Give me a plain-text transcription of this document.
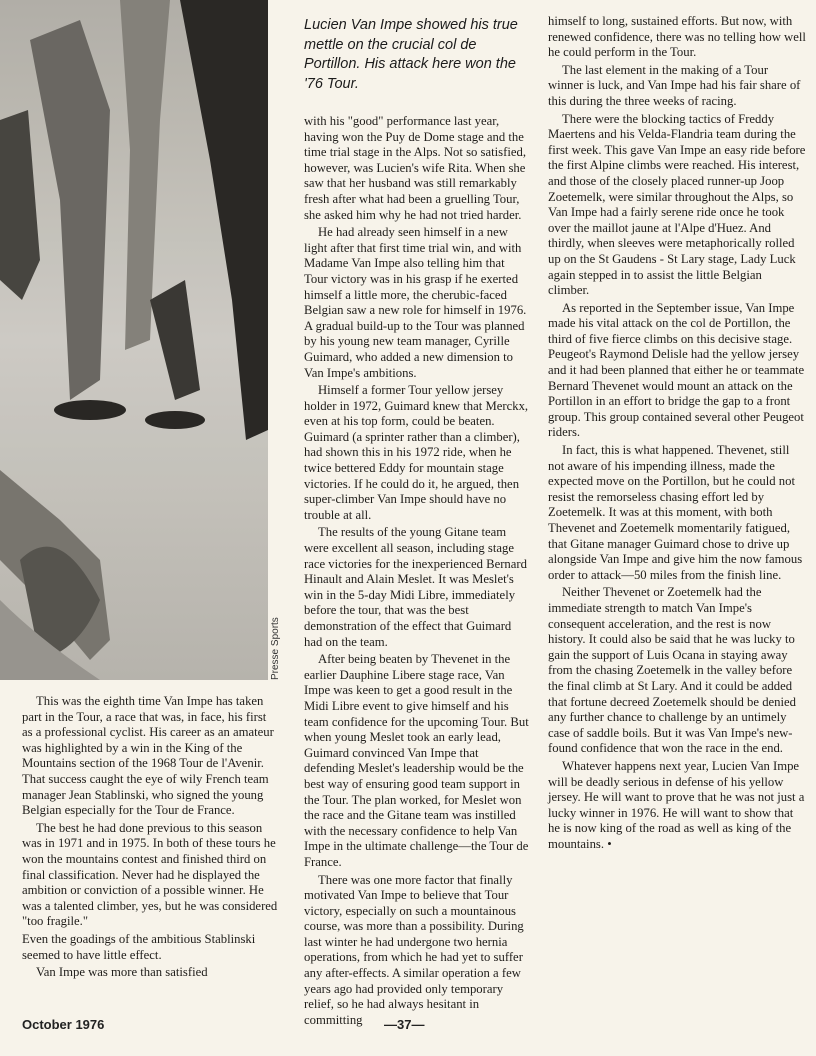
Presse Sports
Lucien Van Impe showed his true mettle on the crucial col de Portillon. His attack here won the '76 Tour.

This was the eighth time Van Impe has taken part in the Tour, a race that was, in face, his first as a professional cyclist. His career as an amateur was highlighted by a win in the King of the Mountains section of the 1968 Tour de l'Avenir. That success caught the eye of wily French team manager Jean Stablinski, who signed the young Belgian especially for the Tour de France.

The best he had done previous to this season was in 1971 and in 1975. In both of these tours he won the mountains contest and finished third on final classification. Never had he displayed the ambition or conviction of a possible winner. He was a talented climber, yes, but he was considered "too fragile."

Even the goadings of the ambitious Stablinski seemed to have little effect.

Van Impe was more than satisfied

with his "good" performance last year, having won the Puy de Dome stage and the time trial stage in the Alps. Not so satisfied, however, was Lucien's wife Rita. When she saw that her husband was still remarkably fresh after what had been a gruelling Tour, she asked him why he had not tried harder.

He had already seen himself in a new light after that first time trial win, and with Madame Van Impe also telling him that Tour victory was in his grasp if he exerted himself a little more, the cherubic-faced Belgian saw a new role for himself in 1976. A gradual build-up to the Tour was planned by his young new team manager, Cyrille Guimard, who added a new dimension to Van Impe's ambitions.

Himself a former Tour yellow jersey holder in 1972, Guimard knew that Merckx, even at his top form, could be beaten. Guimard (a sprinter rather than a climber), had shown this in his 1972 ride, when he twice bettered Eddy for mountain stage victories. If he could do it, he argued, then super-climber Van Impe should have no trouble at all.

The results of the young Gitane team were excellent all season, including stage race victories for the inexperienced Bernard Hinault and Alain Meslet. It was Meslet's win in the 5-day Midi Libre, immediately before the tour, that was the best demonstration of the effect that Guimard had on the team.

After being beaten by Thevenet in the earlier Dauphine Libere stage race, Van Impe was keen to get a good result in the Midi Libre event to give himself and his team confidence for the upcoming Tour. But when young Meslet took an early lead, Guimard convinced Van Impe that defending Meslet's leadership would be the best way of ensuring good team support in the Tour. The plan worked, for Meslet won the race and the Gitane team was instilled with the necessary confidence to help Van Impe in the ultimate challenge—the Tour de France.

There was one more factor that finally motivated Van Impe to believe that Tour victory, especially on such a mountainous course, was more than a possibility. During last winter he had undergone two hernia operations, from which he had yet to suffer any after-effects. A similar operation a few years ago had provided only temporary relief, so he had always hesitant in committing

himself to long, sustained efforts. But now, with renewed confidence, there was no telling how well he could perform in the Tour.

The last element in the making of a Tour winner is luck, and Van Impe had his fair share of this during the three weeks of racing.

There were the blocking tactics of Freddy Maertens and his Velda-Flandria team during the first week. This gave Van Impe an easy ride before the first Alpine climbs were reached. His interest, and those of the closely placed runner-up Joop Zoetemelk, were similar throughout the Alps, so Van Impe had a fairly serene ride once he took over the maillot jaune at l'Alpe d'Huez. And thirdly, when sleeves were metaphorically rolled up on the St Gaudens - St Lary stage, Lady Luck again stepped in to assist the little Belgian climber.

As reported in the September issue, Van Impe made his vital attack on the col de Portillon, the third of five fierce climbs on this decisive stage. Peugeot's Raymond Delisle had the yellow jersey and it had been planned that either he or teammate Bernard Thevenet would mount an attack on the Portillon in an effort to bridge the gap to a front group. This group contained several other Peugeot riders.

In fact, this is what happened. Thevenet, still not aware of his impending illness, made the expected move on the Portillon, but he could not resist the remorseless chasing effort led by Zoetemelk. It was at this moment, with both Thevenet and Zoetemelk momentarily fatigued, that Gitane manager Guimard chose to drive up alongside Van Impe and give him the now famous order to attack—50 miles from the finish line.

Neither Thevenet or Zoetemelk had the immediate strength to match Van Impe's consequent acceleration, and the rest is now history. It could also be said that he was lucky to gain the support of Luis Ocana in staying away from the chasing Zoetemelk in the valley before the final climb at St Lary. And it could be added that fortune decreed Zoetemelk should be denied any further chance to challenge by an untimely case of saddle boils. But it was Van Impe's new-found confidence that won the race in the end.

Whatever happens next year, Lucien Van Impe will be deadly serious in defense of his yellow jersey. He will want to prove that he was not just a lucky winner in 1976. He will want to show that he is now king of the road as well as king of the mountains. •

October 1976	—37—
